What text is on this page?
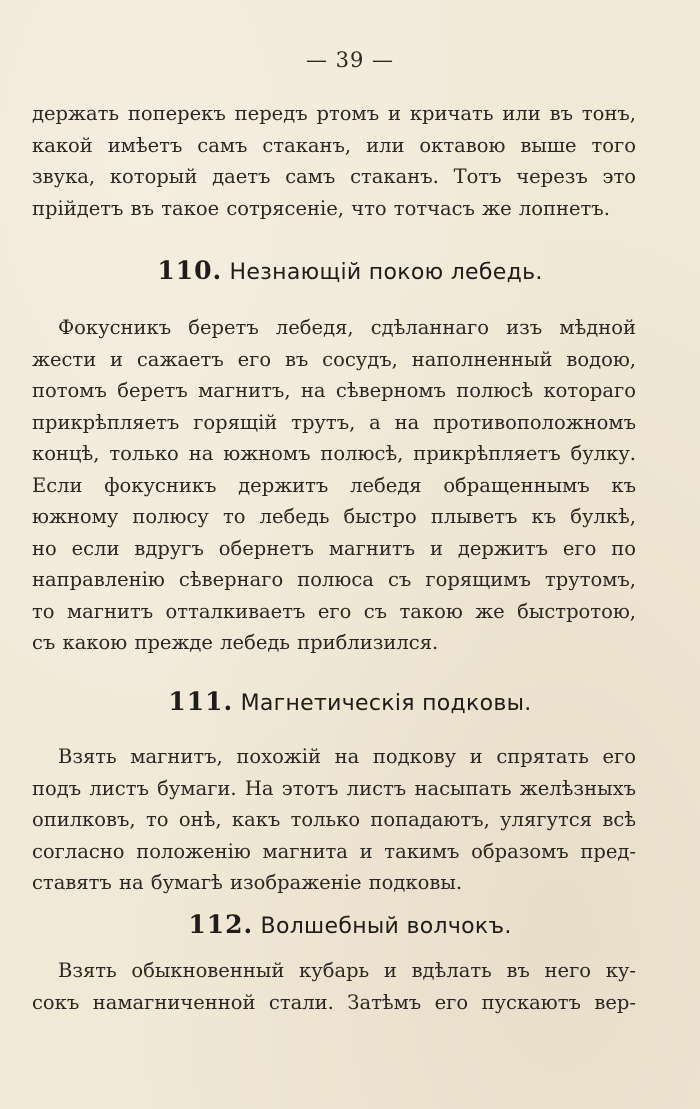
— 39 —
держать поперекъ передъ ртомъ и кричать или въ тонъ,
какой имѣетъ самъ стаканъ, или октавою выше того
звука, который даетъ самъ стаканъ. Тотъ черезъ это
прійдетъ въ такое сотрясеніе, что тотчасъ же лопнетъ.
110. Незнающій покою лебедь.
Фокусникъ беретъ лебедя, сдѣланнаго изъ мѣдной
жести и сажаетъ его въ сосудъ, наполненный водою,
потомъ беретъ магнитъ, на сѣверномъ полюсѣ котораго
прикрѣпляетъ горящій трутъ, а на противоположномъ
концѣ, только на южномъ полюсѣ, прикрѣпляетъ булку.
Если фокусникъ держитъ лебедя обращеннымъ къ
южному полюсу то лебедь быстро плыветъ къ булкѣ,
но если вдругъ обернетъ магнитъ и держитъ его по
направленію сѣвернаго полюса съ горящимъ трутомъ,
то магнитъ отталкиваетъ его съ такою же быстротою,
съ какою прежде лебедь приблизился.
111. Магнетическія подковы.
Взять магнитъ, похожій на подкову и спрятать его
подъ листъ бумаги. На этотъ листъ насыпать желѣзныхъ
опилковъ, то онѣ, какъ только попадаютъ, улягутся всѣ
согласно положенію магнита и такимъ образомъ пред-
ставятъ на бумагѣ изображеніе подковы.
112. Волшебный волчокъ.
Взять обыкновенный кубарь и вдѣлать въ него ку-
сокъ намагниченной стали. Затѣмъ его пускаютъ вер-
